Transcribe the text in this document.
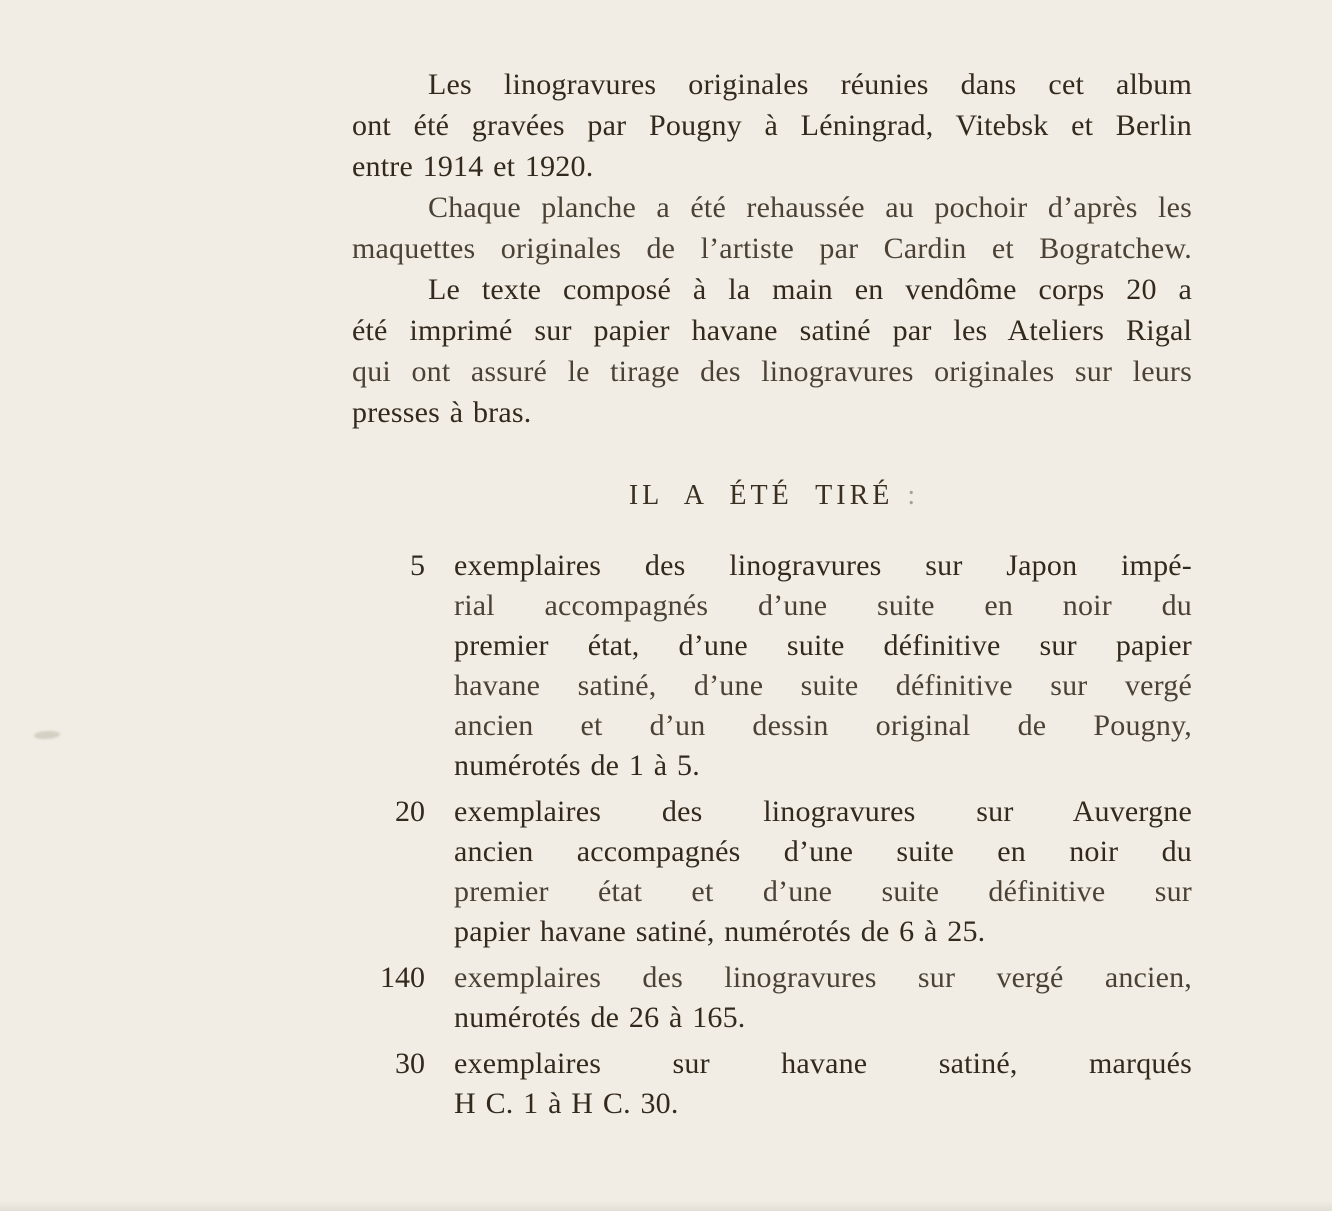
Les linogravures originales réunies dans cet album
ont été gravées par Pougny à Léningrad, Vitebsk et Berlin
entre 1914 et 1920.

Chaque planche a été rehaussée au pochoir d’après les
maquettes originales de l’artiste par Cardin et Bogratchew.

Le texte composé à la main en vendôme corps 20 a
été imprimé sur papier havane satiné par les Ateliers Rigal
qui ont assuré le tirage des linogravures originales sur leurs
presses à bras.

IL A ÉTÉ TIRÉ :
5 exemplaires des linogravures sur Japon impé-
rial accompagnés d’une suite en noir du
premier état, d’une suite définitive sur papier
havane satiné, d’une suite définitive sur vergé
ancien et d’un dessin original de Pougny,
numérotés de 1 à 5.
20 exemplaires des linogravures sur Auvergne
ancien accompagnés d’une suite en noir du
premier état et d’une suite définitive sur
papier havane satiné, numérotés de 6 à 25.
140 exemplaires des linogravures sur vergé ancien,
numérotés de 26 à 165.
30 exemplaires sur havane satiné, marqués
H C. 1 à H C. 30.
